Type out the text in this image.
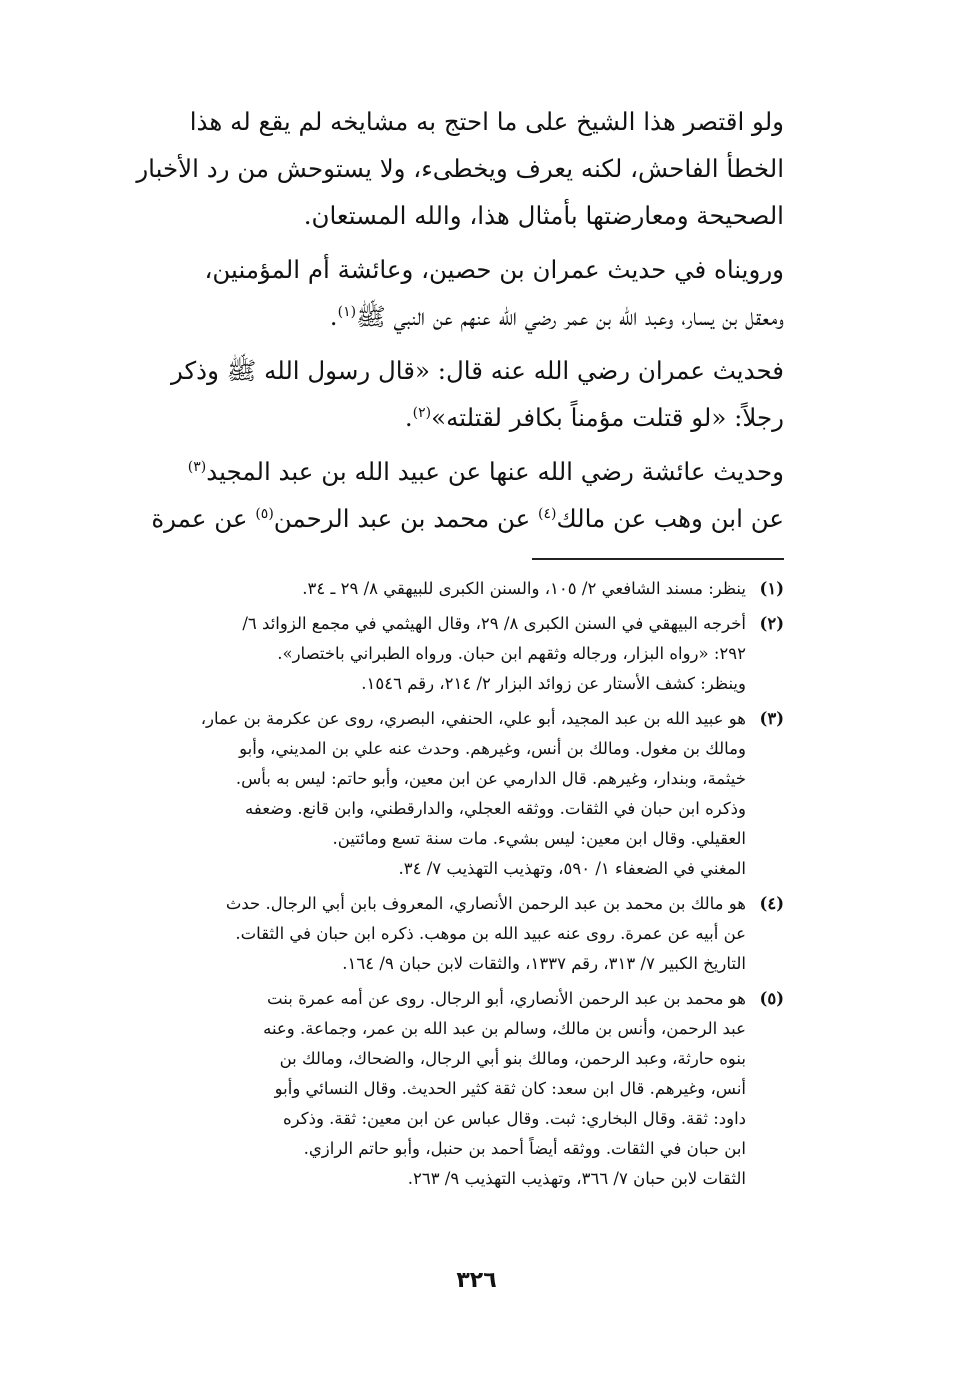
ولو اقتصر هذا الشيخ على ما احتج به مشايخه لم يقع له هذا
الخطأ الفاحش، لكنه يعرف ويخطىء، ولا يستوحش من رد الأخبار
الصحيحة ومعارضتها بأمثال هذا، والله المستعان.

ورويناه في حديث عمران بن حصين، وعائشة أم المؤمنين،
ومعقل بن يسار، وعبد الله بن عمر رضي الله عنهم عن النبي ﷺ$^{(١)}$.

فحديث عمران رضي الله عنه قال: «قال رسول الله ﷺ وذكر
رجلاً: «لو قتلت مؤمناً بكافر لقتلته»$^{(٢)}$.

وحديث عائشة رضي الله عنها عن عبيد الله بن عبد المجيد$^{(٣)}$
عن ابن وهب عن مالك$^{(٤)}$ عن محمد بن عبد الرحمن$^{(٥)}$ عن عمرة

(١)
ينظر: مسند الشافعي ٢/ ١٠٥، والسنن الكبرى للبيهقي ٨/ ٢٩ ـ ٣٤.
(٢)
أخرجه البيهقي في السنن الكبرى ٨/ ٢٩، وقال الهيثمي في مجمع الزوائد ٦/
٢٩٢: «رواه البزار، ورجاله وثقهم ابن حبان. ورواه الطبراني باختصار».
وينظر: كشف الأستار عن زوائد البزار ٢/ ٢١٤، رقم ١٥٤٦.
(٣)
هو عبيد الله بن عبد المجيد، أبو علي، الحنفي، البصري، روى عن عكرمة بن عمار،
ومالك بن مغول. ومالك بن أنس، وغيرهم. وحدث عنه علي بن المديني، وأبو
خيثمة، وبندار، وغيرهم. قال الدارمي عن ابن معين، وأبو حاتم: ليس به بأس.
وذكره ابن حبان في الثقات. ووثقه العجلي، والدارقطني، وابن قانع. وضعفه
العقيلي. وقال ابن معين: ليس بشيء. مات سنة تسع ومائتين.
المغني في الضعفاء ١/ ٥٩٠، وتهذيب التهذيب ٧/ ٣٤.
(٤)
هو مالك بن محمد بن عبد الرحمن الأنصاري، المعروف بابن أبي الرجال. حدث
عن أبيه عن عمرة. روى عنه عبيد الله بن موهب. ذكره ابن حبان في الثقات.
التاريخ الكبير ٧/ ٣١٣، رقم ١٣٣٧، والثقات لابن حبان ٩/ ١٦٤.
(٥)
هو محمد بن عبد الرحمن الأنصاري، أبو الرجال. روى عن أمه عمرة بنت
عبد الرحمن، وأنس بن مالك، وسالم بن عبد الله بن عمر، وجماعة. وعنه
بنوه حارثة، وعبد الرحمن، ومالك بنو أبي الرجال، والضحاك، ومالك بن
أنس، وغيرهم. قال ابن سعد: كان ثقة كثير الحديث. وقال النسائي وأبو
داود: ثقة. وقال البخاري: ثبت. وقال عباس عن ابن معين: ثقة. وذكره
ابن حبان في الثقات. ووثقه أيضاً أحمد بن حنبل، وأبو حاتم الرازي.
الثقات لابن حبان ٧/ ٣٦٦، وتهذيب التهذيب ٩/ ٢٦٣.
٣٢٦
